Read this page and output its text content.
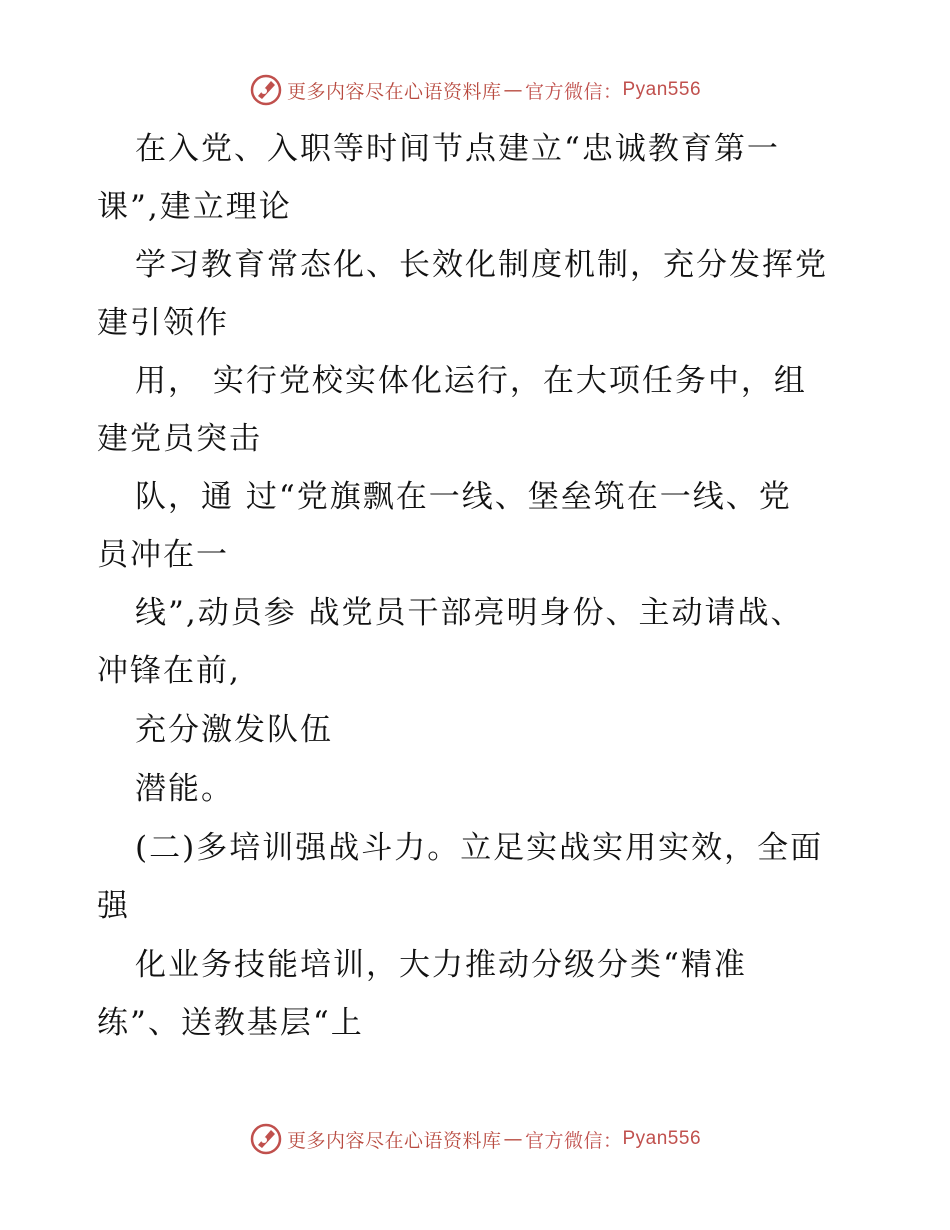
更多内容尽在心语资料库 — 官方微信： Pyan556
在入党、入职等时间节点建立“忠诚教育第一
课”,建立理论
学习教育常态化、长效化制度机制，充分发挥党
建引领作
用， 实行党校实体化运行，在大项任务中，组
建党员突击
队，通 过“党旗飘在一线、堡垒筑在一线、党
员冲在一
线”,动员参 战党员干部亮明身份、主动请战、
冲锋在前,
充分激发队伍
潜能。
(二)多培训强战斗力。立足实战实用实效，全面
强
化业务技能培训，大力推动分级分类“精准
练”、送教基层“上
更多内容尽在心语资料库 — 官方微信： Pyan556
